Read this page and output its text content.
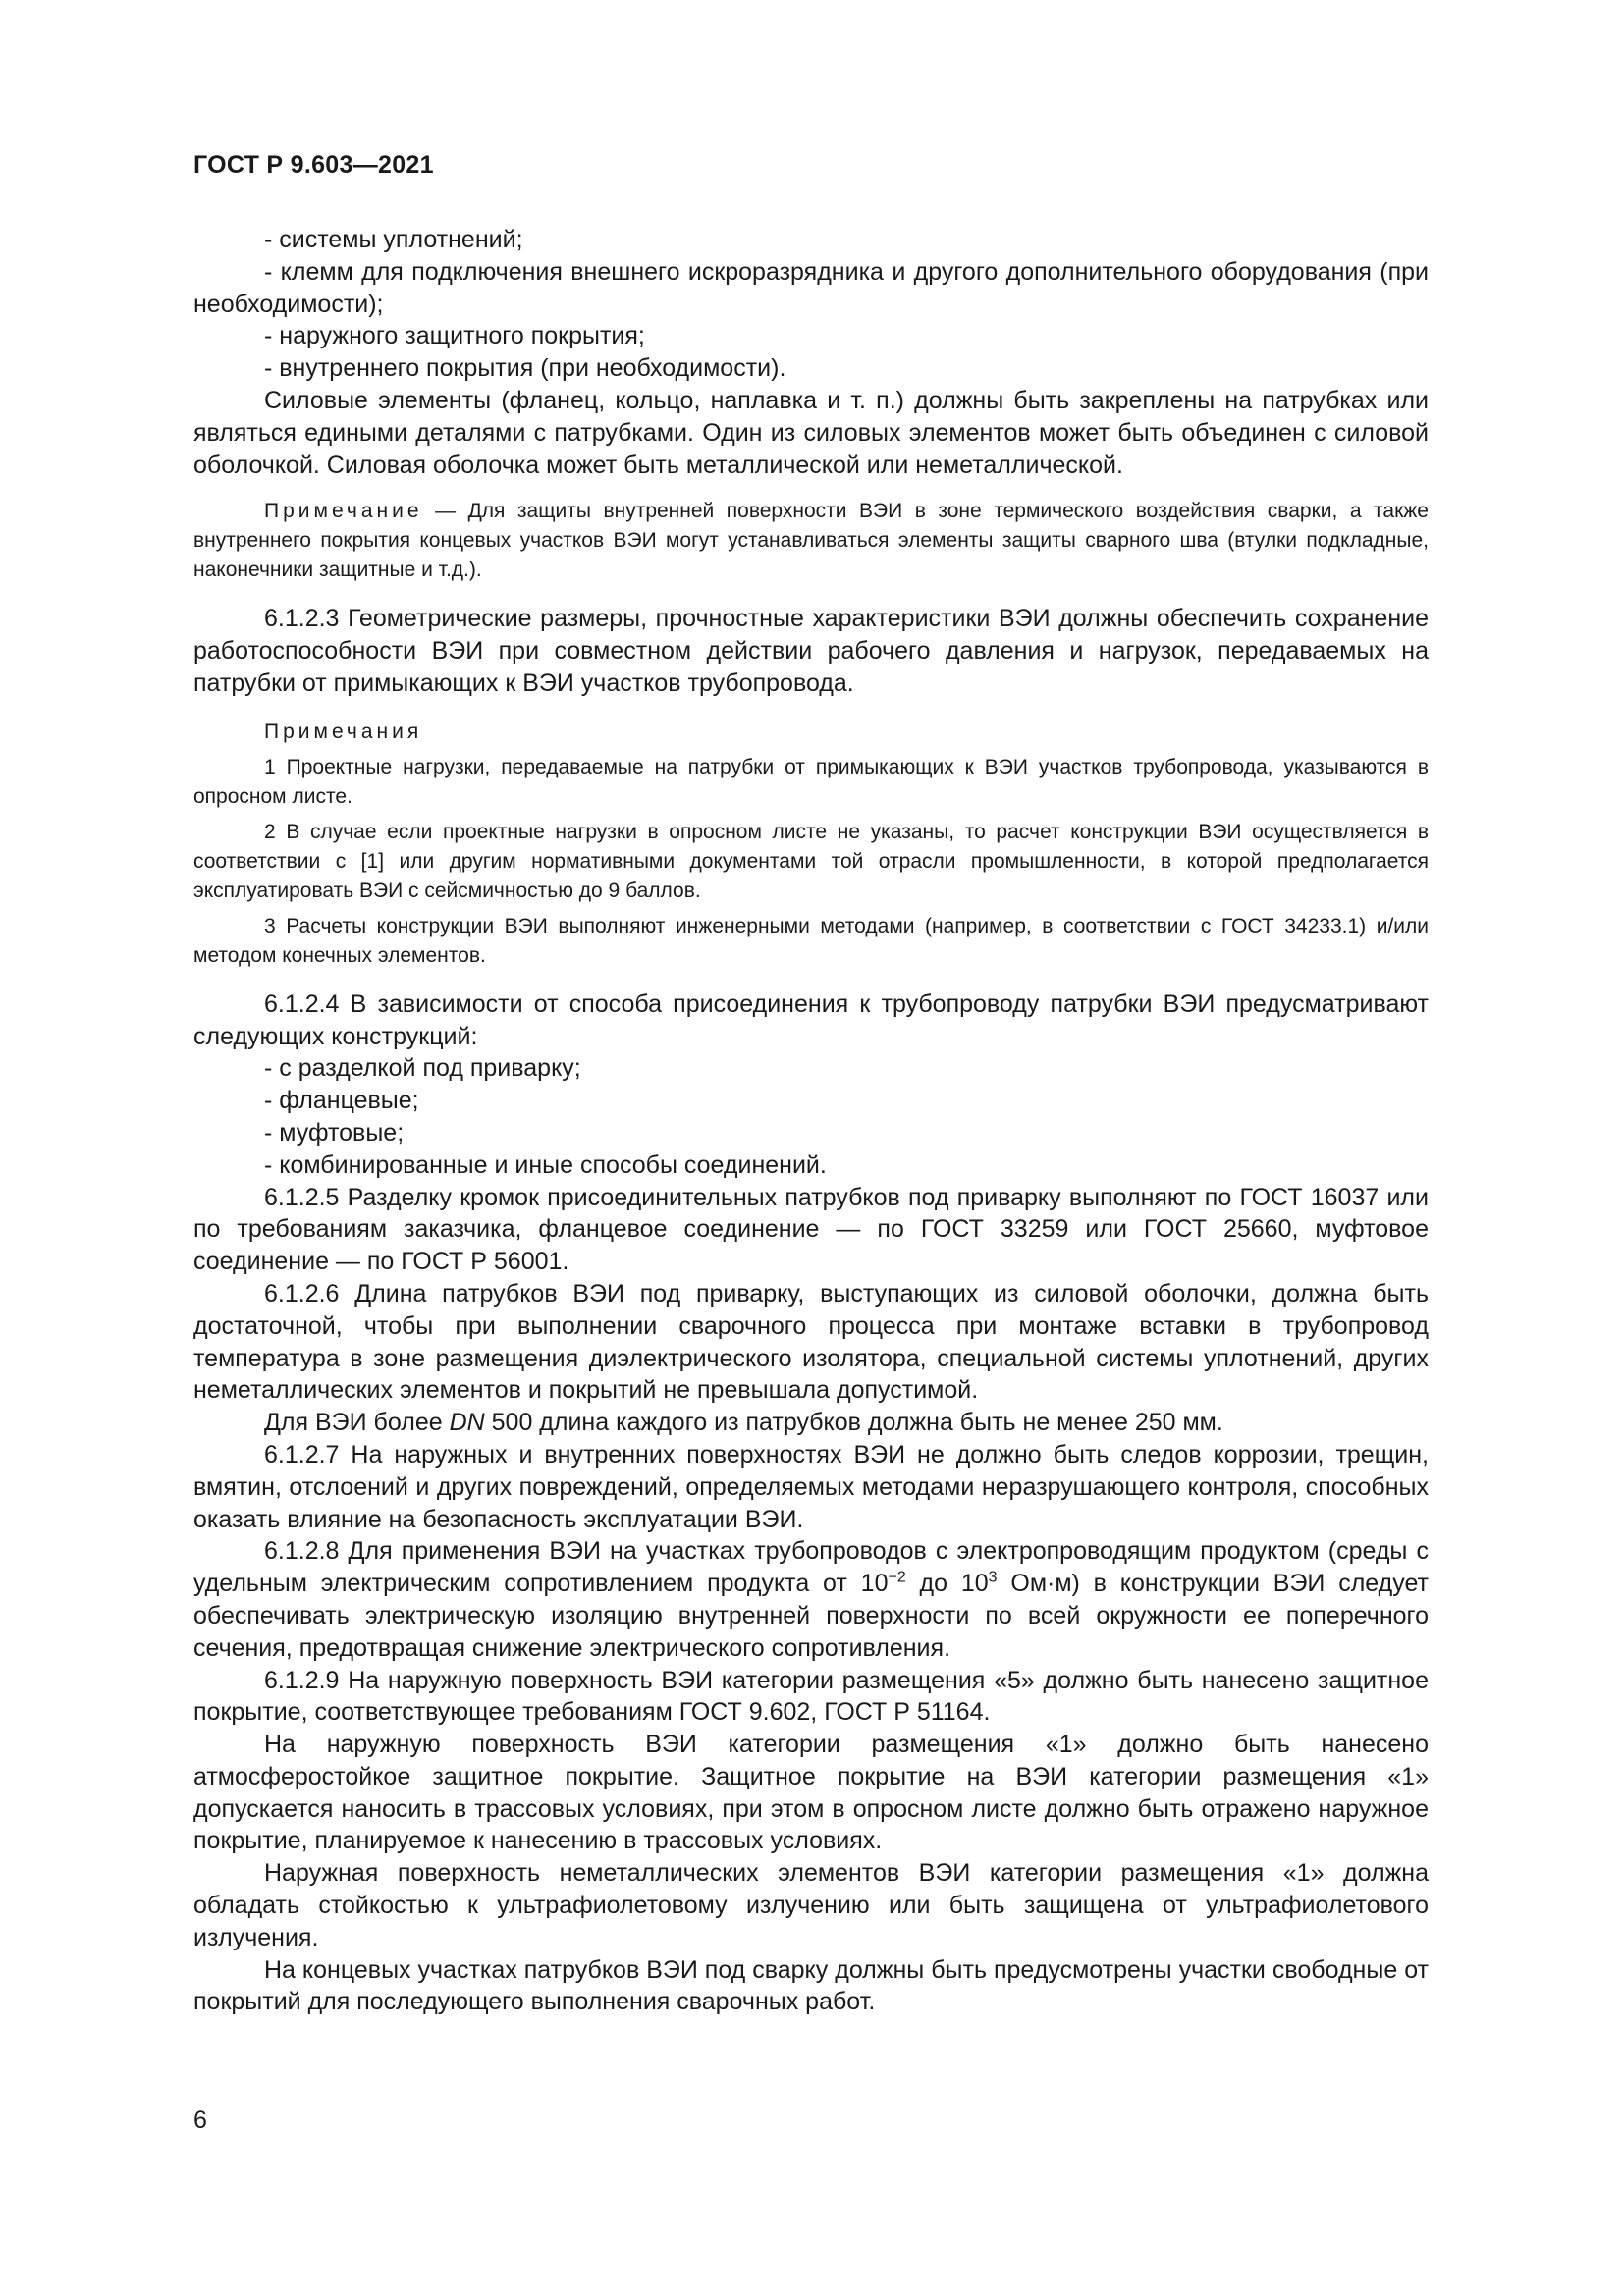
ГОСТ Р 9.603—2021

- системы уплотнений;

- клемм для подключения внешнего искроразрядника и другого дополнительного оборудования (при необходимости);

- наружного защитного покрытия;

- внутреннего покрытия (при необходимости).

Силовые элементы (фланец, кольцо, наплавка и т. п.) должны быть закреплены на патрубках или являться едиными деталями с патрубками. Один из силовых элементов может быть объединен с силовой оболочкой. Силовая оболочка может быть металлической или неметаллической.

Примечание — Для защиты внутренней поверхности ВЭИ в зоне термического воздействия сварки, а также внутреннего покрытия концевых участков ВЭИ могут устанавливаться элементы защиты сварного шва (втулки подкладные, наконечники защитные и т.д.).

6.1.2.3 Геометрические размеры, прочностные характеристики ВЭИ должны обеспечить сохранение работоспособности ВЭИ при совместном действии рабочего давления и нагрузок, передаваемых на патрубки от примыкающих к ВЭИ участков трубопровода.

Примечания

1 Проектные нагрузки, передаваемые на патрубки от примыкающих к ВЭИ участков трубопровода, указываются в опросном листе.

2 В случае если проектные нагрузки в опросном листе не указаны, то расчет конструкции ВЭИ осуществляется в соответствии с [1] или другим нормативными документами той отрасли промышленности, в которой предполагается эксплуатировать ВЭИ с сейсмичностью до 9 баллов.

3 Расчеты конструкции ВЭИ выполняют инженерными методами (например, в соответствии с ГОСТ 34233.1) и/или методом конечных элементов.

6.1.2.4 В зависимости от способа присоединения к трубопроводу патрубки ВЭИ предусматривают следующих конструкций:

- с разделкой под приварку;

- фланцевые;

- муфтовые;

- комбинированные и иные способы соединений.

6.1.2.5 Разделку кромок присоединительных патрубков под приварку выполняют по ГОСТ 16037 или по требованиям заказчика, фланцевое соединение — по ГОСТ 33259 или ГОСТ 25660, муфтовое соединение — по ГОСТ Р 56001.

6.1.2.6 Длина патрубков ВЭИ под приварку, выступающих из силовой оболочки, должна быть достаточной, чтобы при выполнении сварочного процесса при монтаже вставки в трубопровод температура в зоне размещения диэлектрического изолятора, специальной системы уплотнений, других неметаллических элементов и покрытий не превышала допустимой.

Для ВЭИ более DN 500 длина каждого из патрубков должна быть не менее 250 мм.

6.1.2.7 На наружных и внутренних поверхностях ВЭИ не должно быть следов коррозии, трещин, вмятин, отслоений и других повреждений, определяемых методами неразрушающего контроля, способных оказать влияние на безопасность эксплуатации ВЭИ.

6.1.2.8 Для применения ВЭИ на участках трубопроводов с электропроводящим продуктом (среды с удельным электрическим сопротивлением продукта от $10^{-2}$ до $10^3$ Ом·м) в конструкции ВЭИ следует обеспечивать электрическую изоляцию внутренней поверхности по всей окружности ее поперечного сечения, предотвращая снижение электрического сопротивления.

6.1.2.9 На наружную поверхность ВЭИ категории размещения «5» должно быть нанесено защитное покрытие, соответствующее требованиям ГОСТ 9.602, ГОСТ Р 51164.

На наружную поверхность ВЭИ категории размещения «1» должно быть нанесено атмосферостойкое защитное покрытие. Защитное покрытие на ВЭИ категории размещения «1» допускается наносить в трассовых условиях, при этом в опросном листе должно быть отражено наружное покрытие, планируемое к нанесению в трассовых условиях.

Наружная поверхность неметаллических элементов ВЭИ категории размещения «1» должна обладать стойкостью к ультрафиолетовому излучению или быть защищена от ультрафиолетового излучения.

На концевых участках патрубков ВЭИ под сварку должны быть предусмотрены участки свободные от покрытий для последующего выполнения сварочных работ.

6
